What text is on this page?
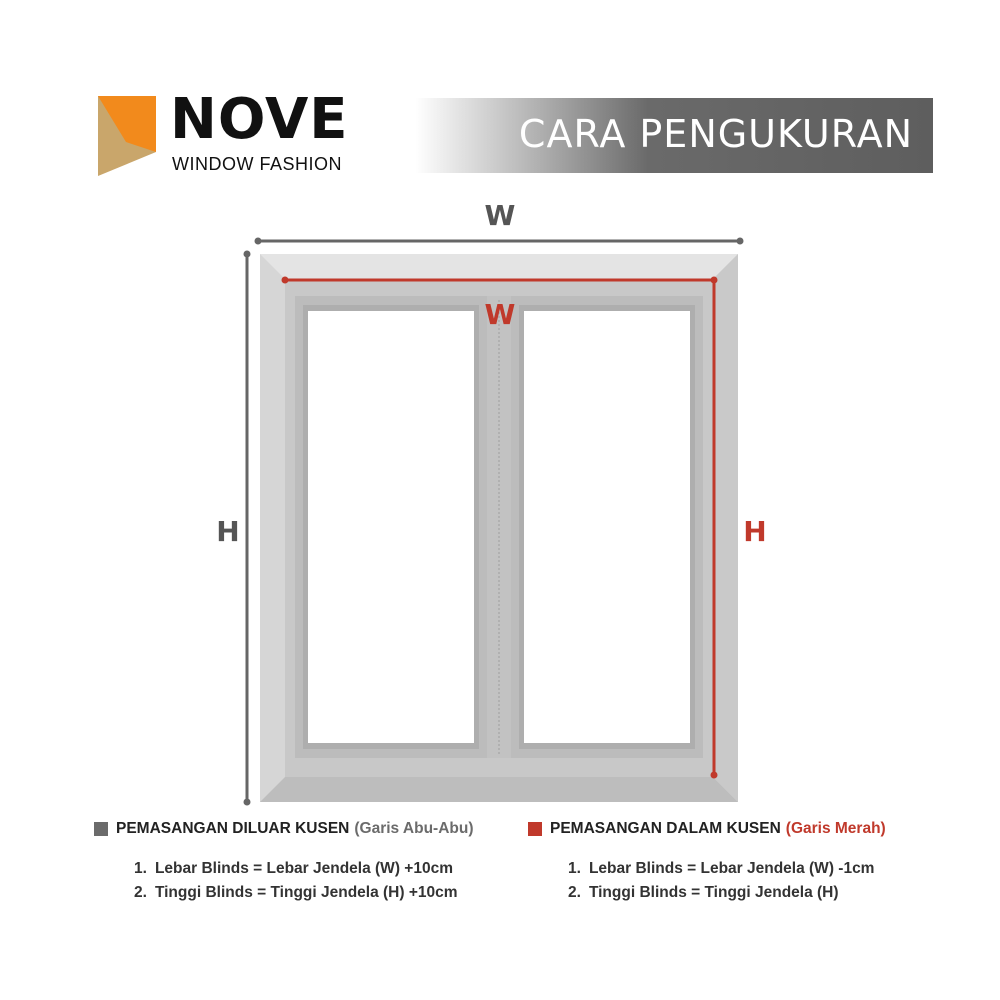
NOVE
WINDOW FASHION
CARA PENGUKURAN
W
H
W
H
PEMASANGAN DILUAR KUSEN (Garis Abu-Abu)
1. Lebar Blinds = Lebar Jendela (W) +10cm
2. Tinggi Blinds = Tinggi Jendela (H) +10cm
PEMASANGAN DALAM KUSEN (Garis Merah)
1. Lebar Blinds = Lebar Jendela (W) -1cm
2. Tinggi Blinds = Tinggi Jendela (H)
